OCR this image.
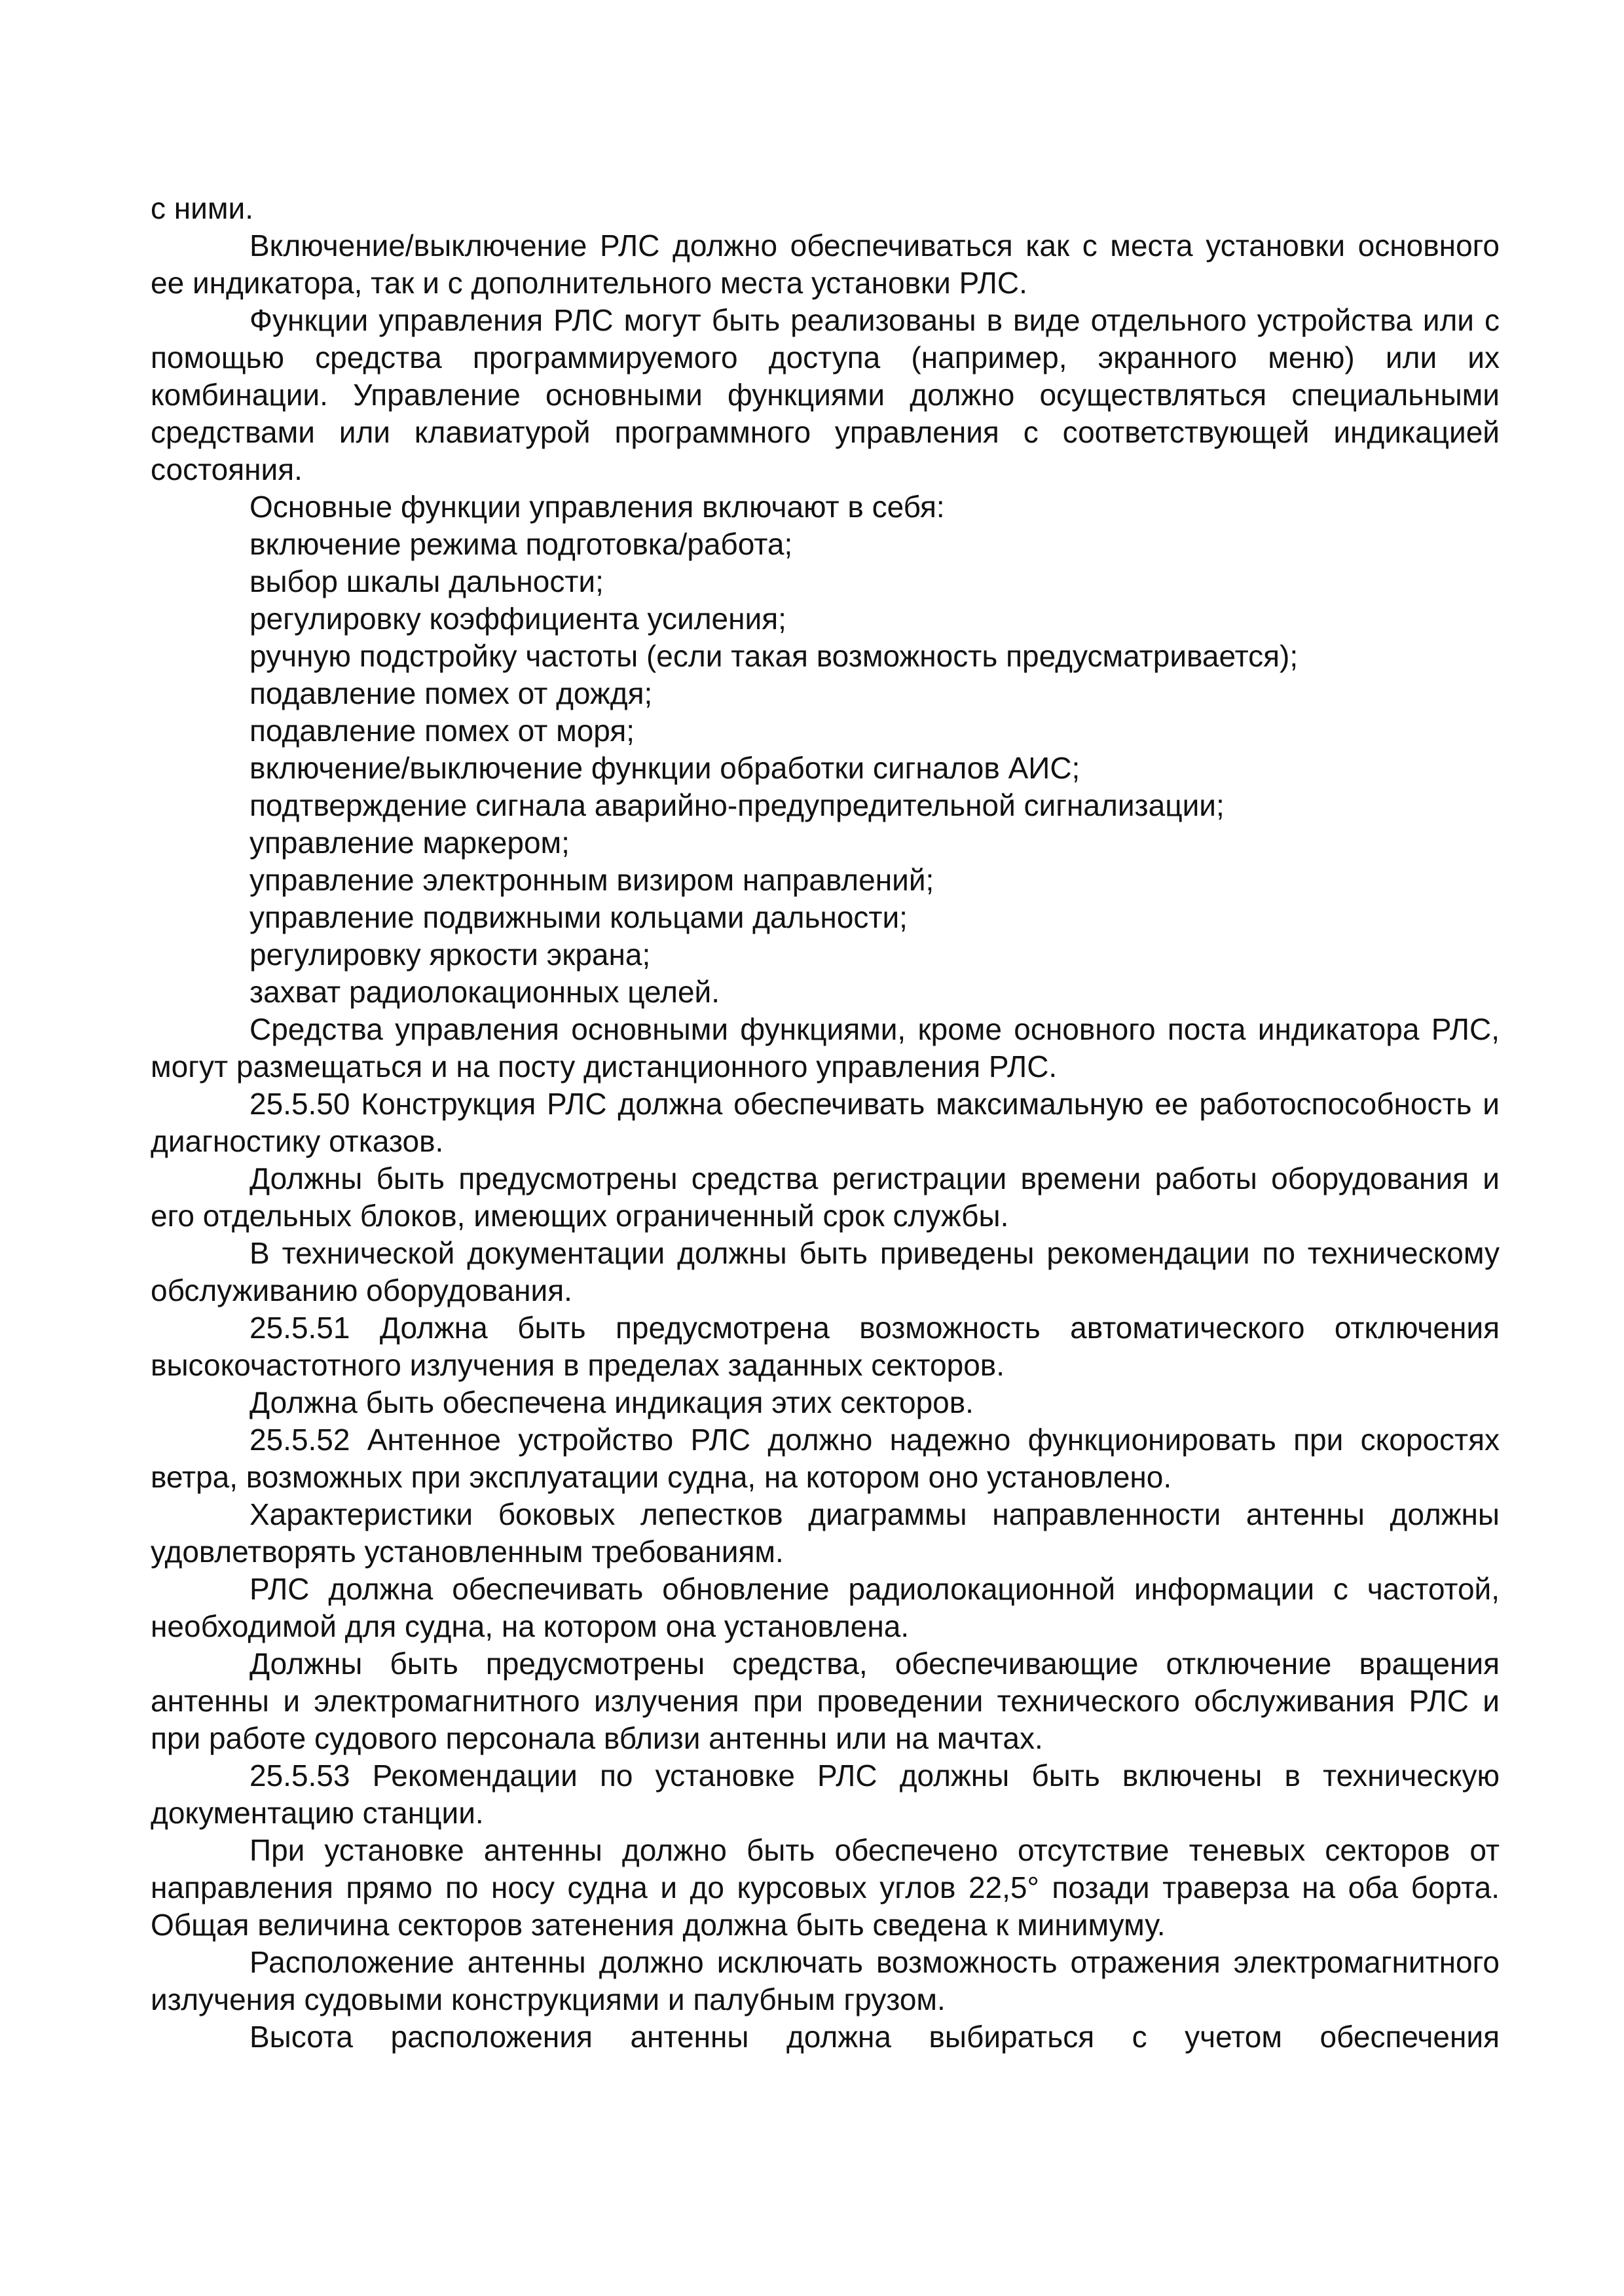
с ними.

Включение/выключение РЛС должно обеспечиваться как с места установки основного ее индикатора, так и с дополнительного места установки РЛС.

Функции управления РЛС могут быть реализованы в виде отдельного устройства или с помощью средства программируемого доступа (например, экранного меню) или их комбинации. Управление основными функциями должно осуществляться специальными средствами или клавиатурой программного управления с соответствующей индикацией состояния.

Основные функции управления включают в себя:

включение режима подготовка/работа;

выбор шкалы дальности;

регулировку коэффициента усиления;

ручную подстройку частоты (если такая возможность предусматривается);

подавление помех от дождя;

подавление помех от моря;

включение/выключение функции обработки сигналов АИС;

подтверждение сигнала аварийно-предупредительной сигнализации;

управление маркером;

управление электронным визиром направлений;

управление подвижными кольцами дальности;

регулировку яркости экрана;

захват радиолокационных целей.

Средства управления основными функциями, кроме основного поста индикатора РЛС, могут размещаться и на посту дистанционного управления РЛС.

25.5.50 Конструкция РЛС должна обеспечивать максимальную ее работоспособность и диагностику отказов.

Должны быть предусмотрены средства регистрации времени работы оборудования и его отдельных блоков, имеющих ограниченный срок службы.

В технической документации должны быть приведены рекомендации по техническому обслуживанию оборудования.

25.5.51 Должна быть предусмотрена возможность автоматического отключения высокочастотного излучения в пределах заданных секторов.

Должна быть обеспечена индикация этих секторов.

25.5.52 Антенное устройство РЛС должно надежно функционировать при скоростях ветра, возможных при эксплуатации судна, на котором оно установлено.

Характеристики боковых лепестков диаграммы направленности антенны должны удовлетворять установленным требованиям.

РЛС должна обеспечивать обновление радиолокационной информации с частотой, необходимой для судна, на котором она установлена.

Должны быть предусмотрены средства, обеспечивающие отключение вращения антенны и электромагнитного излучения при проведении технического обслуживания РЛС и при работе судового персонала вблизи антенны или на мачтах.

25.5.53 Рекомендации по установке РЛС должны быть включены в техническую документацию станции.

При установке антенны должно быть обеспечено отсутствие теневых секторов от направления прямо по носу судна и до курсовых углов 22,5° позади траверза на оба борта. Общая величина секторов затенения должна быть сведена к минимуму.

Расположение антенны должно исключать возможность отражения электромагнитного излучения судовыми конструкциями и палубным грузом.

Высота расположения антенны должна выбираться с учетом обеспечения
